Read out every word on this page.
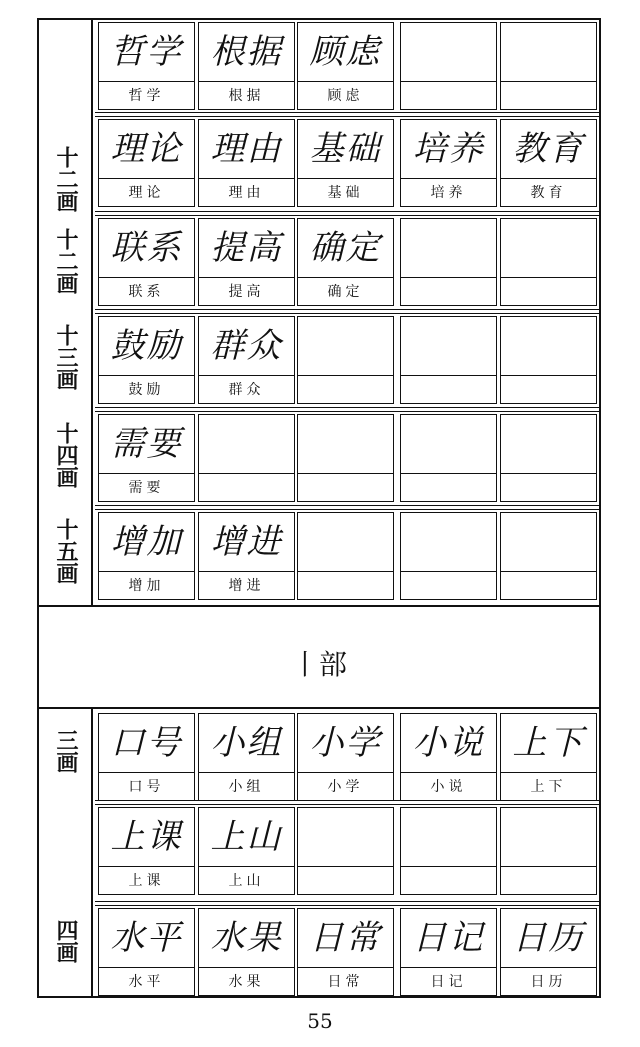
十二画
十二画
十三画
十四画
十五画
丨部
三画
四画
哲学
哲学
根据
根据
顾虑
顾虑
理论
理论
理由
理由
基础
基础
培养
培养
教育
教育
联系
联系
提高
提高
确定
确定
鼓励
鼓励
群众
群众
需要
需要
增加
增加
增进
增进
口号
口号
小组
小组
小学
小学
小说
小说
上下
上下
上课
上课
上山
上山
水平
水平
水果
水果
日常
日常
日记
日记
日历
日历
55
